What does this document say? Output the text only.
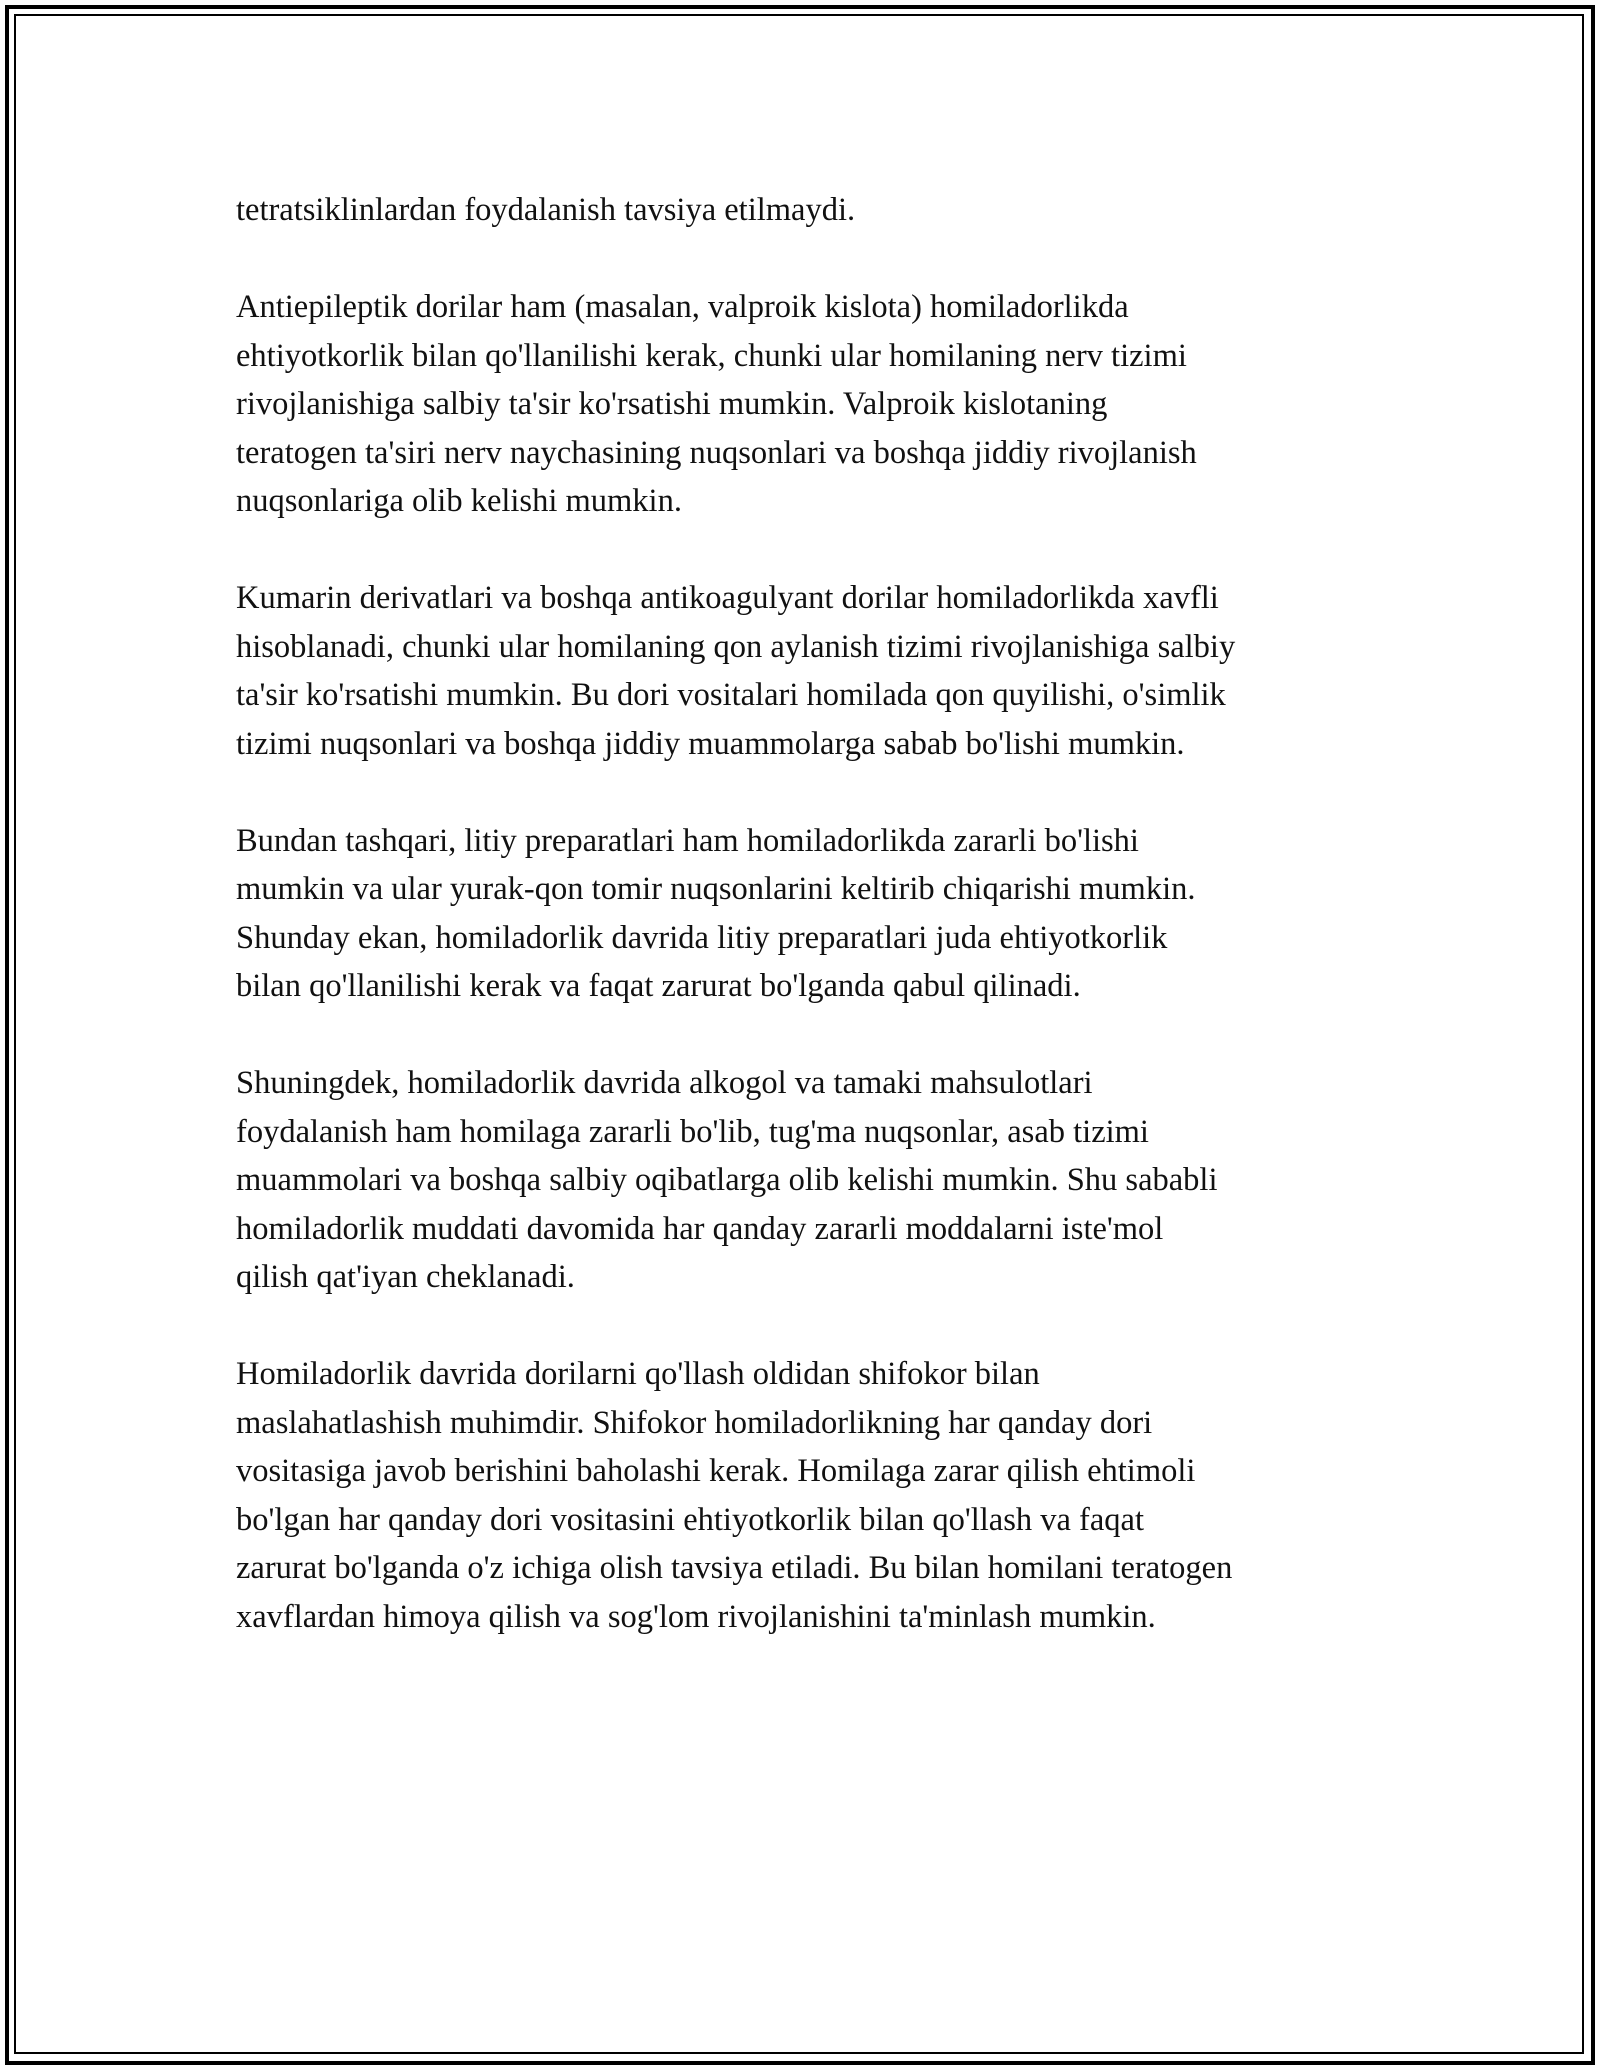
tetratsiklinlardan foydalanish tavsiya etilmaydi.

Antiepileptik dorilar ham (masalan, valproik kislota) homiladorlikda
ehtiyotkorlik bilan qo'llanilishi kerak, chunki ular homilaning nerv tizimi
rivojlanishiga salbiy ta'sir ko'rsatishi mumkin. Valproik kislotaning
teratogen ta'siri nerv naychasining nuqsonlari va boshqa jiddiy rivojlanish
nuqsonlariga olib kelishi mumkin.

Kumarin derivatlari va boshqa antikoagulyant dorilar homiladorlikda xavfli
hisoblanadi, chunki ular homilaning qon aylanish tizimi rivojlanishiga salbiy
ta'sir ko'rsatishi mumkin. Bu dori vositalari homilada qon quyilishi, o'simlik
tizimi nuqsonlari va boshqa jiddiy muammolarga sabab bo'lishi mumkin.

Bundan tashqari, litiy preparatlari ham homiladorlikda zararli bo'lishi
mumkin va ular yurak-qon tomir nuqsonlarini keltirib chiqarishi mumkin.
Shunday ekan, homiladorlik davrida litiy preparatlari juda ehtiyotkorlik
bilan qo'llanilishi kerak va faqat zarurat bo'lganda qabul qilinadi.

Shuningdek, homiladorlik davrida alkogol va tamaki mahsulotlari
foydalanish ham homilaga zararli bo'lib, tug'ma nuqsonlar, asab tizimi
muammolari va boshqa salbiy oqibatlarga olib kelishi mumkin. Shu sababli
homiladorlik muddati davomida har qanday zararli moddalarni iste'mol
qilish qat'iyan cheklanadi.

Homiladorlik davrida dorilarni qo'llash oldidan shifokor bilan
maslahatlashish muhimdir. Shifokor homiladorlikning har qanday dori
vositasiga javob berishini baholashi kerak. Homilaga zarar qilish ehtimoli
bo'lgan har qanday dori vositasini ehtiyotkorlik bilan qo'llash va faqat
zarurat bo'lganda o'z ichiga olish tavsiya etiladi. Bu bilan homilani teratogen
xavflardan himoya qilish va sog'lom rivojlanishini ta'minlash mumkin.
